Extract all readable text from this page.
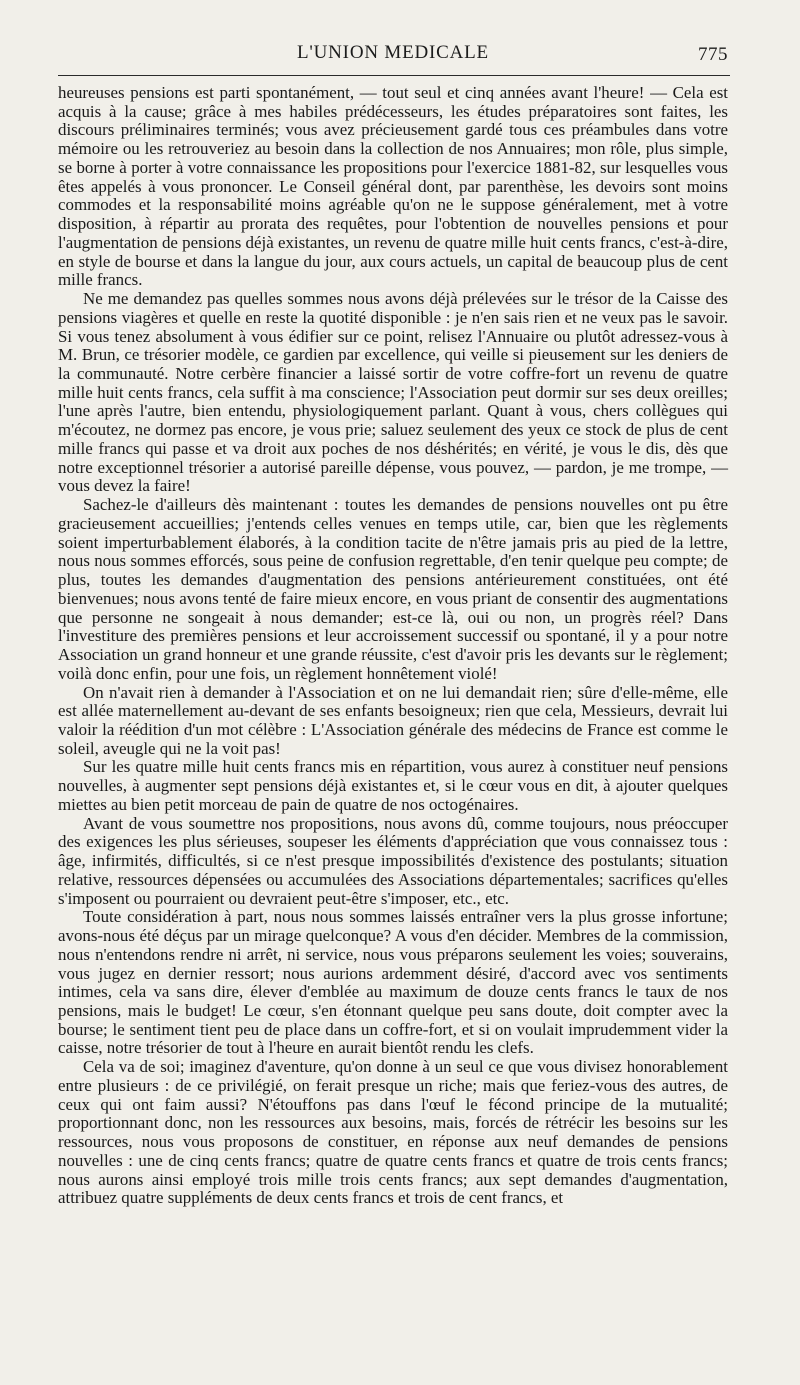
L'UNION MEDICALE	775

heureuses pensions est parti spontanément, — tout seul et cinq années avant l'heure! — Cela est acquis à la cause; grâce à mes habiles prédécesseurs, les études préparatoires sont faites, les discours préliminaires terminés; vous avez précieusement gardé tous ces préambules dans votre mémoire ou les retrouveriez au besoin dans la collection de nos Annuaires; mon rôle, plus simple, se borne à porter à votre connaissance les propositions pour l'exercice 1881-82, sur lesquelles vous êtes appelés à vous prononcer. Le Conseil général dont, par parenthèse, les devoirs sont moins commodes et la responsabilité moins agréable qu'on ne le suppose généralement, met à votre disposition, à répartir au prorata des requêtes, pour l'obtention de nouvelles pensions et pour l'augmentation de pensions déjà existantes, un revenu de quatre mille huit cents francs, c'est-à-dire, en style de bourse et dans la langue du jour, aux cours actuels, un capital de beaucoup plus de cent mille francs.

Ne me demandez pas quelles sommes nous avons déjà prélevées sur le trésor de la Caisse des pensions viagères et quelle en reste la quotité disponible : je n'en sais rien et ne veux pas le savoir. Si vous tenez absolument à vous édifier sur ce point, relisez l'Annuaire ou plutôt adressez-vous à M. Brun, ce trésorier modèle, ce gardien par excellence, qui veille si pieusement sur les deniers de la communauté. Notre cerbère financier a laissé sortir de votre coffre-fort un revenu de quatre mille huit cents francs, cela suffit à ma conscience; l'Association peut dormir sur ses deux oreilles; l'une après l'autre, bien entendu, physiologiquement parlant. Quant à vous, chers collègues qui m'écoutez, ne dormez pas encore, je vous prie; saluez seulement des yeux ce stock de plus de cent mille francs qui passe et va droit aux poches de nos déshérités; en vérité, je vous le dis, dès que notre exceptionnel trésorier a autorisé pareille dépense, vous pouvez, — pardon, je me trompe, — vous devez la faire!

Sachez-le d'ailleurs dès maintenant : toutes les demandes de pensions nouvelles ont pu être gracieusement accueillies; j'entends celles venues en temps utile, car, bien que les règlements soient imperturbablement élaborés, à la condition tacite de n'être jamais pris au pied de la lettre, nous nous sommes efforcés, sous peine de confusion regrettable, d'en tenir quelque peu compte; de plus, toutes les demandes d'augmentation des pensions antérieurement constituées, ont été bienvenues; nous avons tenté de faire mieux encore, en vous priant de consentir des augmentations que personne ne songeait à nous demander; est-ce là, oui ou non, un progrès réel? Dans l'investiture des premières pensions et leur accroissement successif ou spontané, il y a pour notre Association un grand honneur et une grande réussite, c'est d'avoir pris les devants sur le règlement; voilà donc enfin, pour une fois, un règlement honnêtement violé!

On n'avait rien à demander à l'Association et on ne lui demandait rien; sûre d'elle-même, elle est allée maternellement au-devant de ses enfants besoigneux; rien que cela, Messieurs, devrait lui valoir la réédition d'un mot célèbre : L'Association générale des médecins de France est comme le soleil, aveugle qui ne la voit pas!

Sur les quatre mille huit cents francs mis en répartition, vous aurez à constituer neuf pensions nouvelles, à augmenter sept pensions déjà existantes et, si le cœur vous en dit, à ajouter quelques miettes au bien petit morceau de pain de quatre de nos octogénaires.

Avant de vous soumettre nos propositions, nous avons dû, comme toujours, nous préoccuper des exigences les plus sérieuses, soupeser les éléments d'appréciation que vous connaissez tous : âge, infirmités, difficultés, si ce n'est presque impossibilités d'existence des postulants; situation relative, ressources dépensées ou accumulées des Associations départementales; sacrifices qu'elles s'imposent ou pourraient ou devraient peut-être s'imposer, etc., etc.

Toute considération à part, nous nous sommes laissés entraîner vers la plus grosse infortune; avons-nous été déçus par un mirage quelconque? A vous d'en décider. Membres de la commission, nous n'entendons rendre ni arrêt, ni service, nous vous préparons seulement les voies; souverains, vous jugez en dernier ressort; nous aurions ardemment désiré, d'accord avec vos sentiments intimes, cela va sans dire, élever d'emblée au maximum de douze cents francs le taux de nos pensions, mais le budget! Le cœur, s'en étonnant quelque peu sans doute, doit compter avec la bourse; le sentiment tient peu de place dans un coffre-fort, et si on voulait imprudemment vider la caisse, notre trésorier de tout à l'heure en aurait bientôt rendu les clefs.

Cela va de soi; imaginez d'aventure, qu'on donne à un seul ce que vous divisez honorablement entre plusieurs : de ce privilégié, on ferait presque un riche; mais que feriez-vous des autres, de ceux qui ont faim aussi? N'étouffons pas dans l'œuf le fécond principe de la mutualité; proportionnant donc, non les ressources aux besoins, mais, forcés de rétrécir les besoins sur les ressources, nous vous proposons de constituer, en réponse aux neuf demandes de pensions nouvelles : une de cinq cents francs; quatre de quatre cents francs et quatre de trois cents francs; nous aurons ainsi employé trois mille trois cents francs; aux sept demandes d'augmentation, attribuez quatre suppléments de deux cents francs et trois de cent francs, et
